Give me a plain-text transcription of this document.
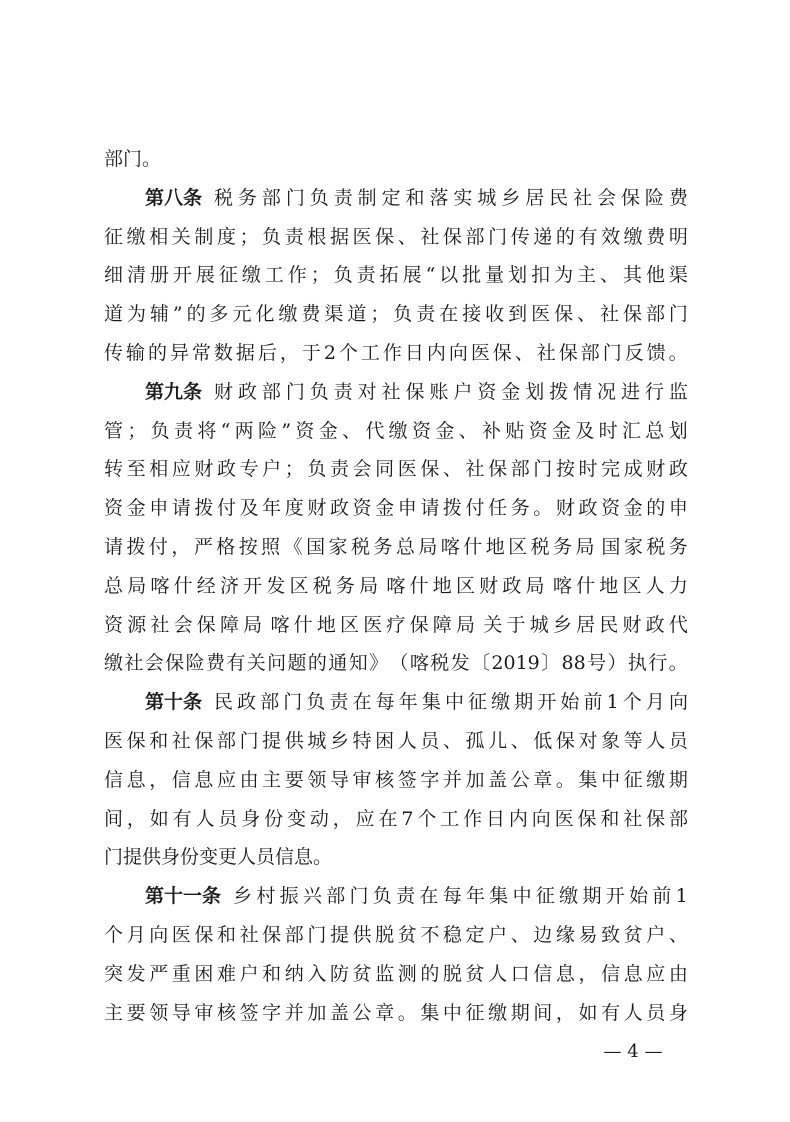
部门。
第八条 税 务 部 门 负 责 制 定 和 落 实 城 乡 居 民 社 会 保 险 费
征 缴 相 关 制 度 ； 负 责 根 据 医 保 、 社 保 部 门 传 递 的 有 效 缴 费 明
细 清 册 开 展 征 缴 工 作 ； 负 责 拓 展 “ 以 批 量 划 扣 为 主 、 其 他 渠
道 为 辅 ” 的 多 元 化 缴 费 渠 道 ； 负 责 在 接 收 到 医 保 、 社 保 部 门
传 输 的 异 常 数 据 后 ， 于 2 个 工 作 日 内 向 医 保 、 社 保 部 门 反 馈 。
第九条 财 政 部 门 负 责 对 社 保 账 户 资 金 划 拨 情 况 进 行 监
管 ； 负 责 将 “ 两 险 ” 资 金 、 代 缴 资 金 、 补 贴 资 金 及 时 汇 总 划
转 至 相 应 财 政 专 户 ； 负 责 会 同 医 保 、 社 保 部 门 按 时 完 成 财 政
资 金 申 请 拨 付 及 年 度 财 政 资 金 申 请 拨 付 任 务 。 财 政 资 金 的 申
请 拨 付 ， 严 格 按 照 《 国 家 税 务 总 局 喀 什 地 区 税 务 局 国 家 税 务
总 局 喀 什 经 济 开 发 区 税 务 局 喀 什 地 区 财 政 局 喀 什 地 区 人 力
资 源 社 会 保 障 局 喀 什 地 区 医 疗 保 障 局 关 于 城 乡 居 民 财 政 代
缴 社 会 保 险 费 有 关 问 题 的 通 知 》 （ 喀 税 发 〔 2019 〕 88 号 ） 执 行 。
第十条 民 政 部 门 负 责 在 每 年 集 中 征 缴 期 开 始 前 1 个 月 向
医 保 和 社 保 部 门 提 供 城 乡 特 困 人 员 、 孤 儿 、 低 保 对 象 等 人 员
信 息 ， 信 息 应 由 主 要 领 导 审 核 签 字 并 加 盖 公 章 。 集 中 征 缴 期
间 ， 如 有 人 员 身 份 变 动 ， 应 在 7 个 工 作 日 内 向 医 保 和 社 保 部
门提供身份变更人员信息。
第十一条 乡 村 振 兴 部 门 负 责 在 每 年 集 中 征 缴 期 开 始 前 1
个 月 向 医 保 和 社 保 部 门 提 供 脱 贫 不 稳 定 户 、 边 缘 易 致 贫 户 、
突 发 严 重 困 难 户 和 纳 入 防 贫 监 测 的 脱 贫 人 口 信 息 ， 信 息 应 由
主 要 领 导 审 核 签 字 并 加 盖 公 章 。 集 中 征 缴 期 间 ， 如 有 人 员 身
— 4 —
